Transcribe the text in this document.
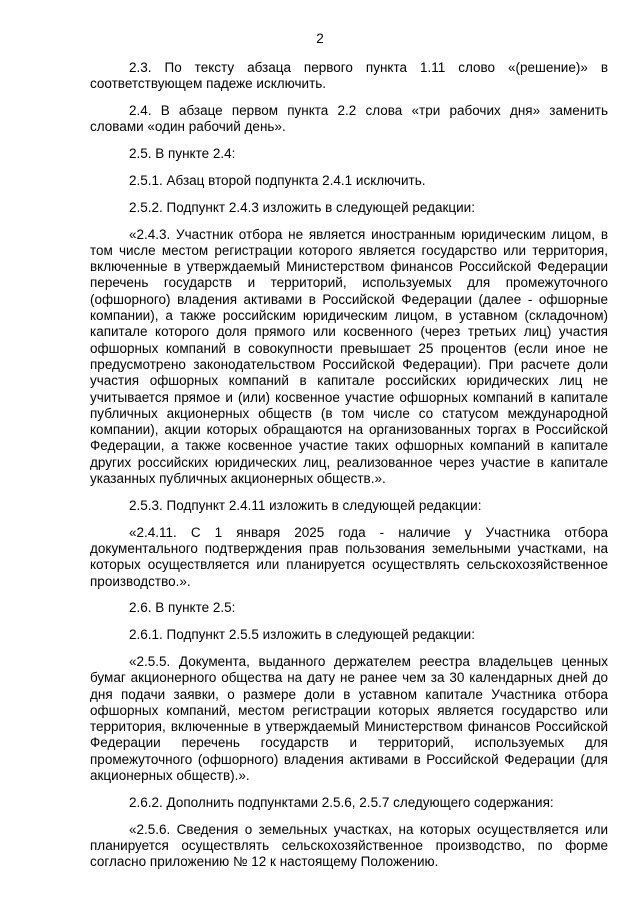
2

2.3. По тексту абзаца первого пункта 1.11 слово «(решение)» в соответствующем падеже исключить.

2.4. В абзаце первом пункта 2.2 слова «три рабочих дня» заменить словами «один рабочий день».

2.5. В пункте 2.4:

2.5.1. Абзац второй подпункта 2.4.1 исключить.

2.5.2. Подпункт 2.4.3 изложить в следующей редакции:

«2.4.3. Участник отбора не является иностранным юридическим лицом, в том числе местом регистрации которого является государство или территория, включенные в утверждаемый Министерством финансов Российской Федерации перечень государств и территорий, используемых для промежуточного (офшорного) владения активами в Российской Федерации (далее - офшорные компании), а также российским юридическим лицом, в уставном (складочном) капитале которого доля прямого или косвенного (через третьих лиц) участия офшорных компаний в совокупности превышает 25 процентов (если иное не предусмотрено законодательством Российской Федерации). При расчете доли участия офшорных компаний в капитале российских юридических лиц не учитывается прямое и (или) косвенное участие офшорных компаний в капитале публичных акционерных обществ (в том числе со статусом международной компании), акции которых обращаются на организованных торгах в Российской Федерации, а также косвенное участие таких офшорных компаний в капитале других российских юридических лиц, реализованное через участие в капитале указанных публичных акционерных обществ.».

2.5.3. Подпункт 2.4.11 изложить в следующей редакции:

«2.4.11. С 1 января 2025 года - наличие у Участника отбора документального подтверждения прав пользования земельными участками, на которых осуществляется или планируется осуществлять сельскохозяйственное производство.».

2.6. В пункте 2.5:

2.6.1. Подпункт 2.5.5 изложить в следующей редакции:

«2.5.5. Документа, выданного держателем реестра владельцев ценных бумаг акционерного общества на дату не ранее чем за 30 календарных дней до дня подачи заявки, о размере доли в уставном капитале Участника отбора офшорных компаний, местом регистрации которых является государство или территория, включенные в утверждаемый Министерством финансов Российской Федерации перечень государств и территорий, используемых для промежуточного (офшорного) владения активами в Российской Федерации (для акционерных обществ).».

2.6.2. Дополнить подпунктами 2.5.6, 2.5.7 следующего содержания:

«2.5.6. Сведения о земельных участках, на которых осуществляется или планируется осуществлять сельскохозяйственное производство, по форме согласно приложению № 12 к настоящему Положению.
